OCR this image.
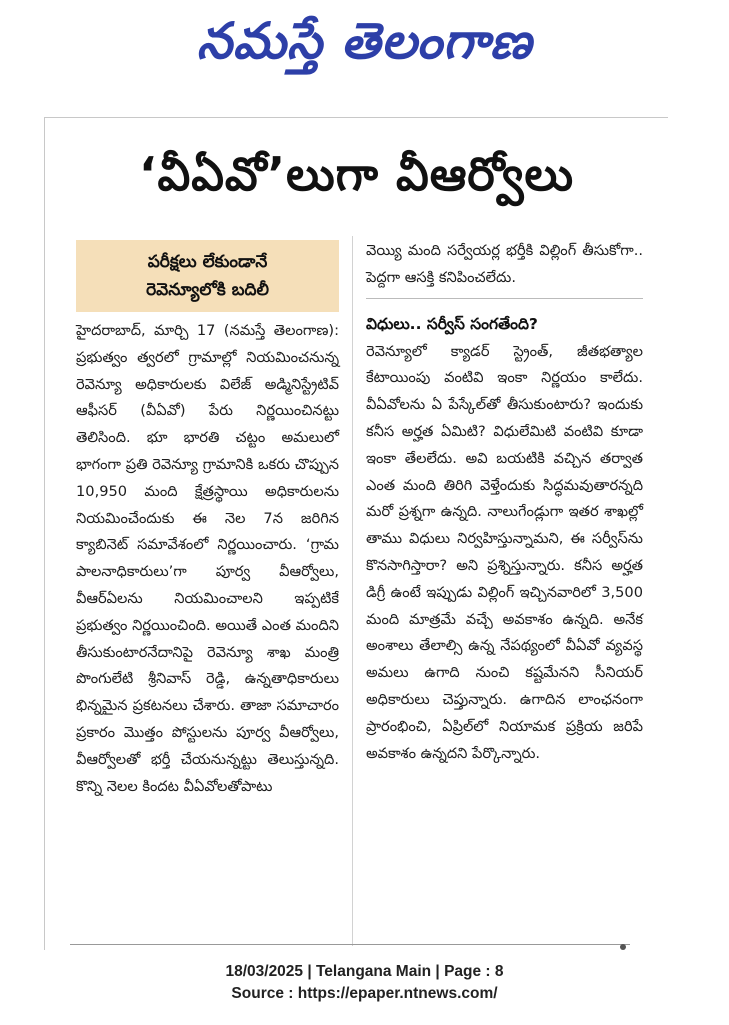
నమస్తే తెలంగాణ
‘వీఏవో’లుగా వీఆర్వోలు
పరీక్షలు లేకుండానే
రెవెన్యూలోకి బదిలీ

హైదరాబాద్, మార్చి 17 (నమస్తే తెలంగాణ): ప్రభుత్వం త్వరలో గ్రామాల్లో నియమించనున్న రెవెన్యూ అధికారులకు విలేజ్ అడ్మినిస్ట్రేటివ్ ఆఫీసర్ (వీఏవో) పేరు నిర్ణయించినట్టు తెలిసింది. భూ భారతి చట్టం అమలులో భాగంగా ప్రతి రెవెన్యూ గ్రామానికి ఒకరు చొప్పున 10,950 మంది క్షేత్రస్థాయి అధికారులను నియమించేందుకు ఈ నెల 7న జరిగిన క్యాబినెట్ సమావేశంలో నిర్ణయించారు. ‘గ్రామ పాలనాధికారులు’గా పూర్వ వీఆర్వోలు, వీఆర్ఏలను నియమించాలని ఇప్పటికే ప్రభుత్వం నిర్ణయించింది. అయితే ఎంత మందిని తీసుకుంటారనేదానిపై రెవెన్యూ శాఖ మంత్రి పొంగులేటి శ్రీనివాస్ రెడ్డి, ఉన్నతాధికారులు భిన్నమైన ప్రకటనలు చేశారు. తాజా సమాచారం ప్రకారం మొత్తం పోస్టులను పూర్వ వీఆర్వోలు, వీఆర్వోలతో భర్తీ చేయనున్నట్టు తెలుస్తున్నది. కొన్ని నెలల కిందట వీఏవోలతోపాటు

వెయ్యి మంది సర్వేయర్ల భర్తీకి విల్లింగ్ తీసుకోగా.. పెద్దగా ఆసక్తి కనిపించలేదు.

విధులు.. సర్వీస్ సంగతేంది?

రెవెన్యూలో క్యాడర్ స్ట్రెంత్, జీతభత్యాల కేటాయింపు వంటివి ఇంకా నిర్ణయం కాలేదు. వీఏవోలను ఏ పేస్కేల్‌తో తీసుకుంటారు? ఇందుకు కనీస అర్హత ఏమిటి? విధులేమిటి వంటివి కూడా ఇంకా తేలలేదు. అవి బయటికి వచ్చిన తర్వాత ఎంత మంది తిరిగి వెళ్తేందుకు సిద్ధమవుతారన్నది మరో ప్రశ్నగా ఉన్నది. నాలుగేండ్లుగా ఇతర శాఖల్లో తాము విధులు నిర్వహిస్తున్నామని, ఈ సర్వీస్‌ను కొనసాగిస్తారా? అని ప్రశ్నిస్తున్నారు. కనీస అర్హత డిగ్రీ ఉంటే ఇప్పుడు విల్లింగ్ ఇచ్చినవారిలో 3,500 మంది మాత్రమే వచ్చే అవకాశం ఉన్నది. అనేక అంశాలు తేలాల్సి ఉన్న నేపథ్యంలో వీఏవో వ్యవస్థ అమలు ఉగాది నుంచి కష్టమేనని సీనియర్ అధికారులు చెప్తున్నారు. ఉగాదిన లాంఛనంగా ప్రారంభించి, ఏప్రిల్‌లో నియామక ప్రక్రియ జరిపే అవకాశం ఉన్నదని పేర్కొన్నారు.

18/03/2025 | Telangana Main | Page : 8
Source : https://epaper.ntnews.com/
